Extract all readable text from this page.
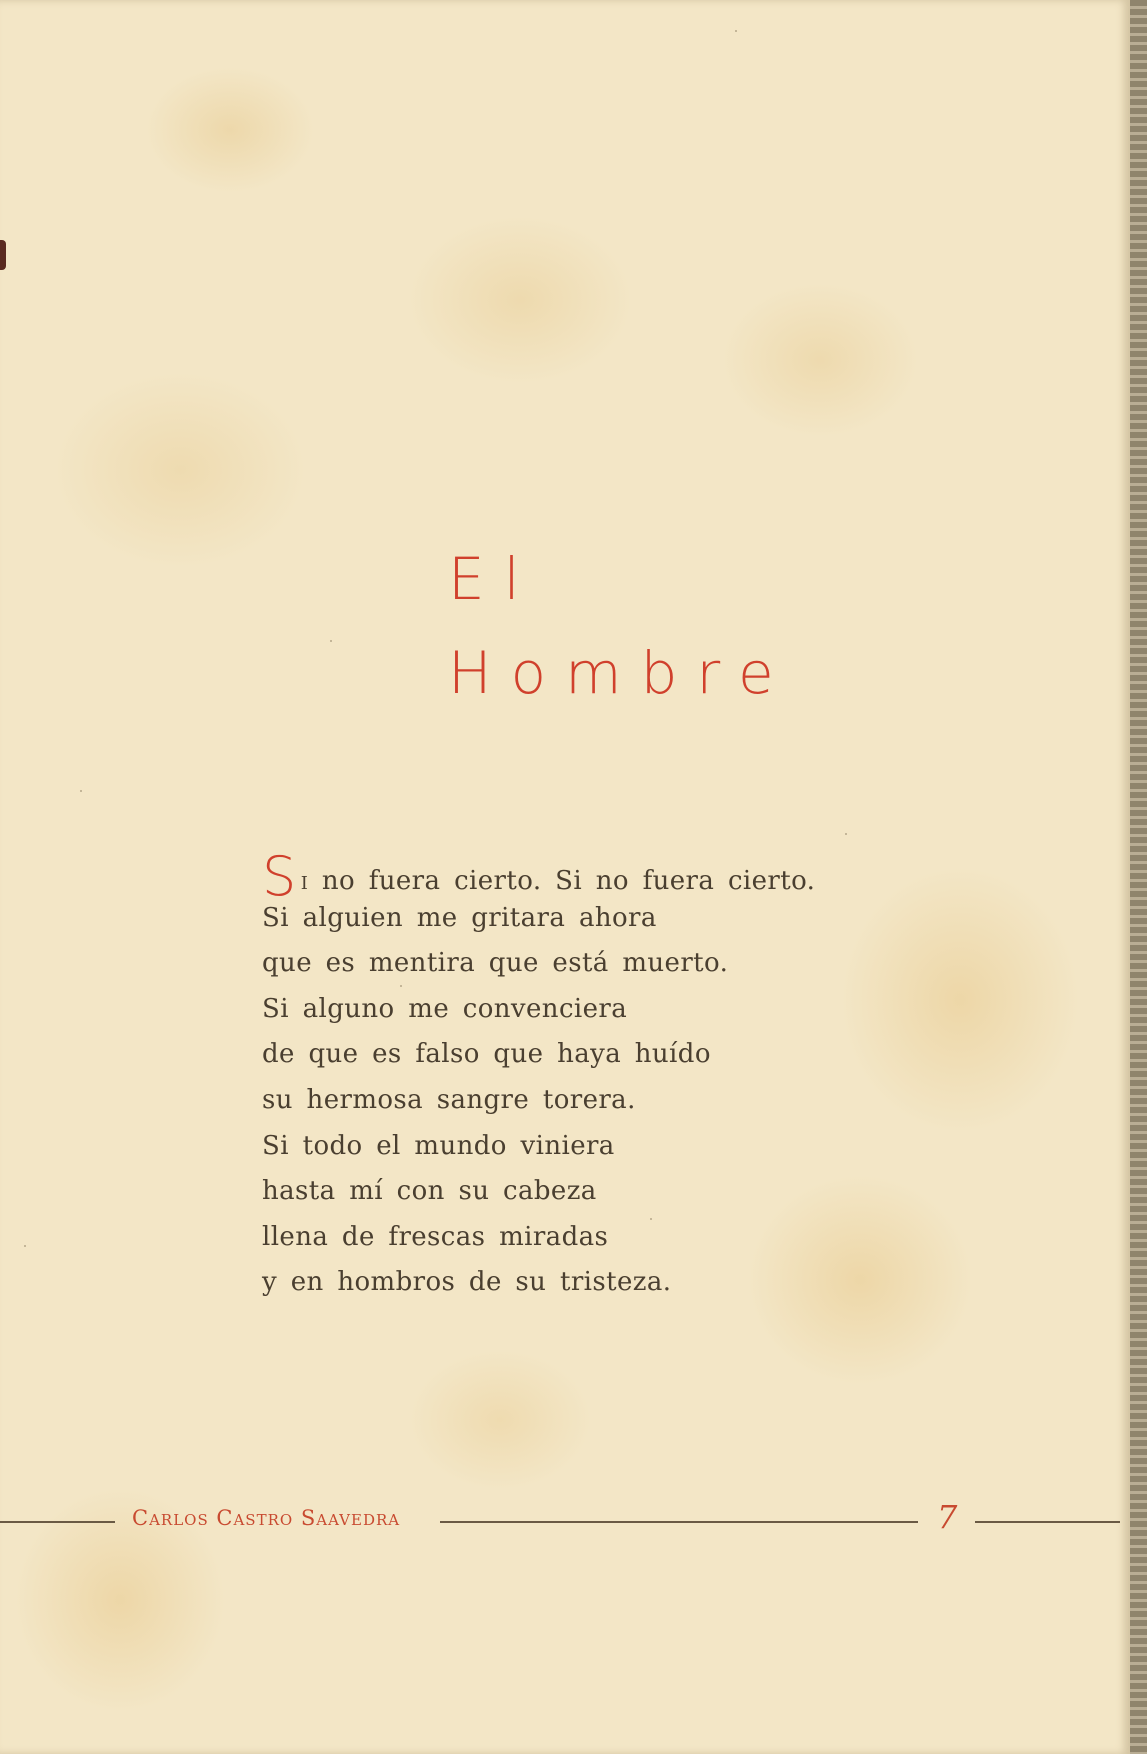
El
Hombre
Si no fuera cierto. Si no fuera cierto.
Si alguien me gritara ahora
que es mentira que está muerto.
Si alguno me convenciera
de que es falso que haya huído
su hermosa sangre torera.
Si todo el mundo viniera
hasta mí con su cabeza
llena de frescas miradas
y en hombros de su tristeza.
Carlos Castro Saavedra	7
